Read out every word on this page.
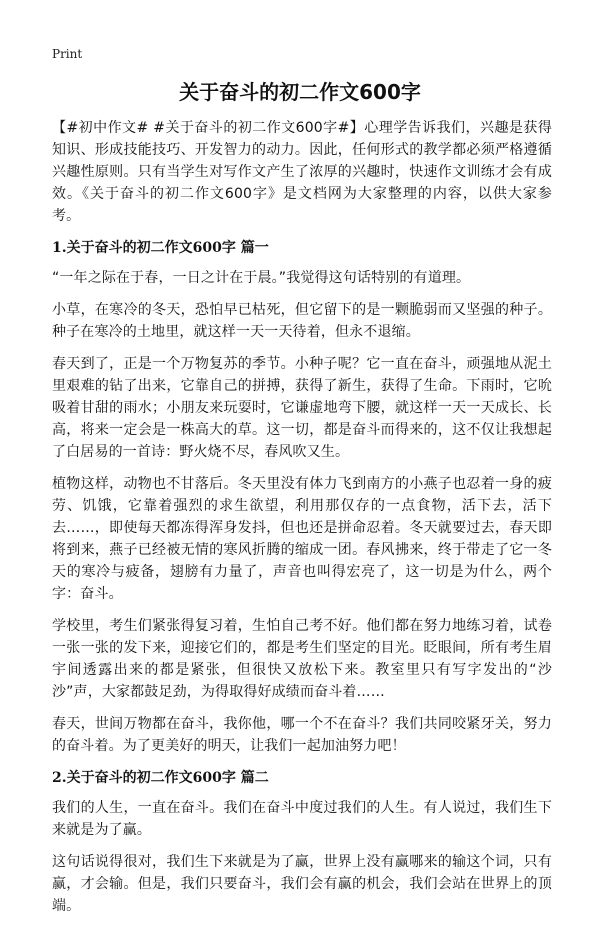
Print
关于奋斗的初二作文600字

【#初中作文# #关于奋斗的初二作文600字#】心理学告诉我们，兴趣是获得知识、形成技能技巧、开发智力的动力。因此，任何形式的教学都必须严格遵循兴趣性原则。只有当学生对写作文产生了浓厚的兴趣时，快速作文训练才会有成效。《关于奋斗的初二作文600字》是文档网为大家整理的内容，以供大家参考。

1.关于奋斗的初二作文600字 篇一

“一年之际在于春，一日之计在于晨。”我觉得这句话特别的有道理。

小草，在寒冷的冬天，恐怕早已枯死，但它留下的是一颗脆弱而又坚强的种子。种子在寒冷的土地里，就这样一天一天待着，但永不退缩。

春天到了，正是一个万物复苏的季节。小种子呢？它一直在奋斗，顽强地从泥土里艰难的钻了出来，它靠自己的拼搏，获得了新生，获得了生命。下雨时，它吮吸着甘甜的雨水；小朋友来玩耍时，它谦虚地弯下腰，就这样一天一天成长、长高，将来一定会是一株高大的草。这一切，都是奋斗而得来的，这不仅让我想起了白居易的一首诗：野火烧不尽，春风吹又生。

植物这样，动物也不甘落后。冬天里没有体力飞到南方的小燕子也忍着一身的疲劳、饥饿，它靠着强烈的求生欲望，利用那仅存的一点食物，活下去，活下去……，即使每天都冻得浑身发抖，但也还是拼命忍着。冬天就要过去，春天即将到来，燕子已经被无情的寒风折腾的缩成一团。春风拂来，终于带走了它一冬天的寒冷与疲备，翅膀有力量了，声音也叫得宏亮了，这一切是为什么，两个字：奋斗。

学校里，考生们紧张得复习着，生怕自己考不好。他们都在努力地练习着，试卷一张一张的发下来，迎接它们的，都是考生们坚定的目光。眨眼间，所有考生眉宇间透露出来的都是紧张，但很快又放松下来。教室里只有写字发出的“沙沙”声，大家都鼓足劲，为得取得好成绩而奋斗着……

春天，世间万物都在奋斗，我你他，哪一个不在奋斗？我们共同咬紧牙关，努力的奋斗着。为了更美好的明天，让我们一起加油努力吧！

2.关于奋斗的初二作文600字 篇二

我们的人生，一直在奋斗。我们在奋斗中度过我们的人生。有人说过，我们生下来就是为了赢。

这句话说得很对，我们生下来就是为了赢，世界上没有赢哪来的输这个词，只有赢，才会输。但是，我们只要奋斗，我们会有赢的机会，我们会站在世界上的顶端。
